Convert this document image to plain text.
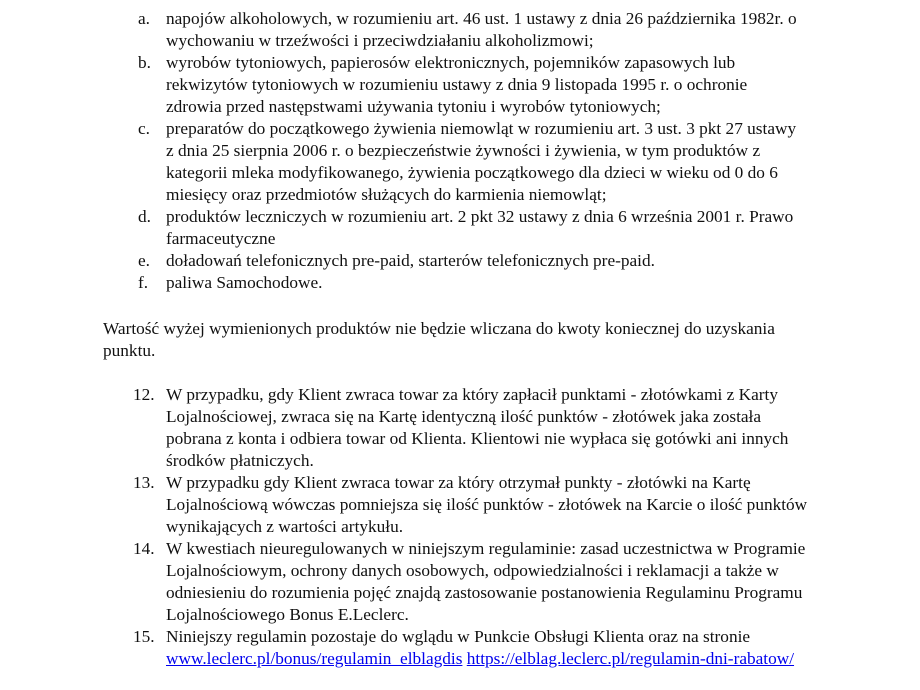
a. napojów alkoholowych, w rozumieniu art. 46 ust. 1 ustawy z dnia 26 października 1982r. o wychowaniu w trzeźwości i przeciwdziałaniu alkoholizmowi;
b. wyrobów tytoniowych, papierosów elektronicznych, pojemników zapasowych lub rekwizytów tytoniowych w rozumieniu ustawy z dnia 9 listopada 1995 r. o ochronie zdrowia przed następstwami używania tytoniu i wyrobów tytoniowych;
c. preparatów do początkowego żywienia niemowląt w rozumieniu art. 3 ust. 3 pkt 27 ustawy z dnia 25 sierpnia 2006 r. o bezpieczeństwie żywności i żywienia, w tym produktów z kategorii mleka modyfikowanego, żywienia początkowego dla dzieci w wieku od 0 do 6 miesięcy oraz przedmiotów służących do karmienia niemowląt;
d. produktów leczniczych w rozumieniu art. 2 pkt 32 ustawy z dnia 6 września 2001 r. Prawo farmaceutyczne
e. doładowań telefonicznych pre-paid, starterów telefonicznych pre-paid.
f. paliwa Samochodowe.

Wartość wyżej wymienionych produktów nie będzie wliczana do kwoty koniecznej do uzyskania punktu.

12. W przypadku, gdy Klient zwraca towar za który zapłacił punktami - złotówkami z Karty Lojalnościowej, zwraca się na Kartę identyczną ilość punktów - złotówek jaka została pobrana z konta i odbiera towar od Klienta. Klientowi nie wypłaca się gotówki ani innych środków płatniczych.
13. W przypadku gdy Klient zwraca towar za który otrzymał punkty - złotówki na Kartę Lojalnościową wówczas pomniejsza się ilość punktów - złotówek na Karcie o ilość punktów wynikających z wartości artykułu.
14. W kwestiach nieuregulowanych w niniejszym regulaminie: zasad uczestnictwa w Programie Lojalnościowym, ochrony danych osobowych, odpowiedzialności i reklamacji a także w odniesieniu do rozumienia pojęć znajdą zastosowanie postanowienia Regulaminu Programu Lojalnościowego Bonus E.Leclerc.
15. Niniejszy regulamin pozostaje do wglądu w Punkcie Obsługi Klienta oraz na stronie www.leclerc.pl/bonus/regulamin_elblagdis https://elblag.leclerc.pl/regulamin-dni-rabatow/
